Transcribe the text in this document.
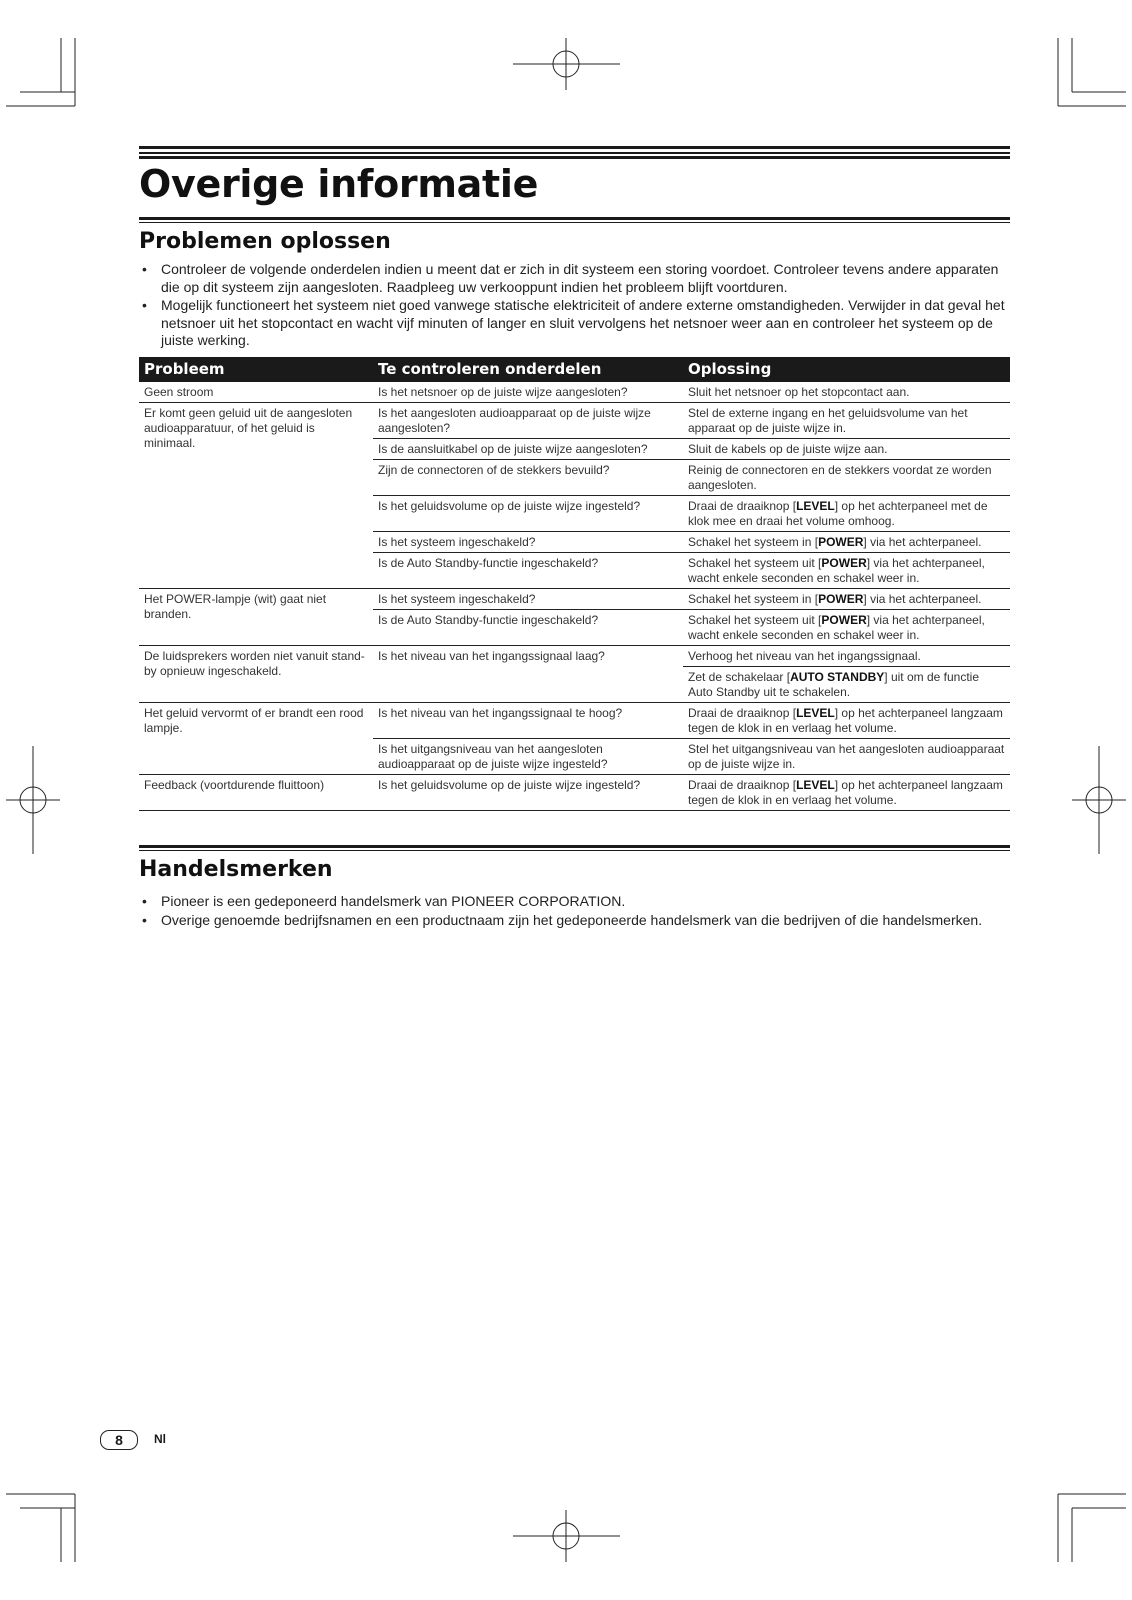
Overige informatie
Problemen oplossen
• Controleer de volgende onderdelen indien u meent dat er zich in dit systeem een storing voordoet. Controleer tevens andere apparaten die op dit systeem zijn aangesloten. Raadpleeg uw verkooppunt indien het probleem blijft voortduren.
• Mogelijk functioneert het systeem niet goed vanwege statische elektriciteit of andere externe omstandigheden. Verwijder in dat geval het netsnoer uit het stopcontact en wacht vijf minuten of langer en sluit vervolgens het netsnoer weer aan en controleer het systeem op de juiste werking.
Probleem	Te controleren onderdelen	Oplossing
Geen stroom	Is het netsnoer op de juiste wijze aangesloten?	Sluit het netsnoer op het stopcontact aan.
Er komt geen geluid uit de aangesloten audioapparatuur, of het geluid is minimaal.	Is het aangesloten audioapparaat op de juiste wijze aangesloten?	Stel de externe ingang en het geluidsvolume van het apparaat op de juiste wijze in.
	Is de aansluitkabel op de juiste wijze aangesloten?	Sluit de kabels op de juiste wijze aan.
	Zijn de connectoren of de stekkers bevuild?	Reinig de connectoren en de stekkers voordat ze worden aangesloten.
	Is het geluidsvolume op de juiste wijze ingesteld?	Draai de draaiknop [LEVEL] op het achterpaneel met de klok mee en draai het volume omhoog.
	Is het systeem ingeschakeld?	Schakel het systeem in [POWER] via het achterpaneel.
	Is de Auto Standby-functie ingeschakeld?	Schakel het systeem uit [POWER] via het achterpaneel, wacht enkele seconden en schakel weer in.
Het POWER-lampje (wit) gaat niet branden.	Is het systeem ingeschakeld?	Schakel het systeem in [POWER] via het achterpaneel.
	Is de Auto Standby-functie ingeschakeld?	Schakel het systeem uit [POWER] via het achterpaneel, wacht enkele seconden en schakel weer in.
De luidsprekers worden niet vanuit stand-by opnieuw ingeschakeld.	Is het niveau van het ingangssignaal laag?	Verhoog het niveau van het ingangssignaal.
		Zet de schakelaar [AUTO STANDBY] uit om de functie Auto Standby uit te schakelen.
Het geluid vervormt of er brandt een rood lampje.	Is het niveau van het ingangssignaal te hoog?	Draai de draaiknop [LEVEL] op het achterpaneel langzaam tegen de klok in en verlaag het volume.
	Is het uitgangsniveau van het aangesloten audioapparaat op de juiste wijze ingesteld?	Stel het uitgangsniveau van het aangesloten audioapparaat op de juiste wijze in.
Feedback (voortdurende fluittoon)	Is het geluidsvolume op de juiste wijze ingesteld?	Draai de draaiknop [LEVEL] op het achterpaneel langzaam tegen de klok in en verlaag het volume.
Handelsmerken
• Pioneer is een gedeponeerd handelsmerk van PIONEER CORPORATION.
• Overige genoemde bedrijfsnamen en een productnaam zijn het gedeponeerde handelsmerk van die bedrijven of die handelsmerken.
8	Nl
